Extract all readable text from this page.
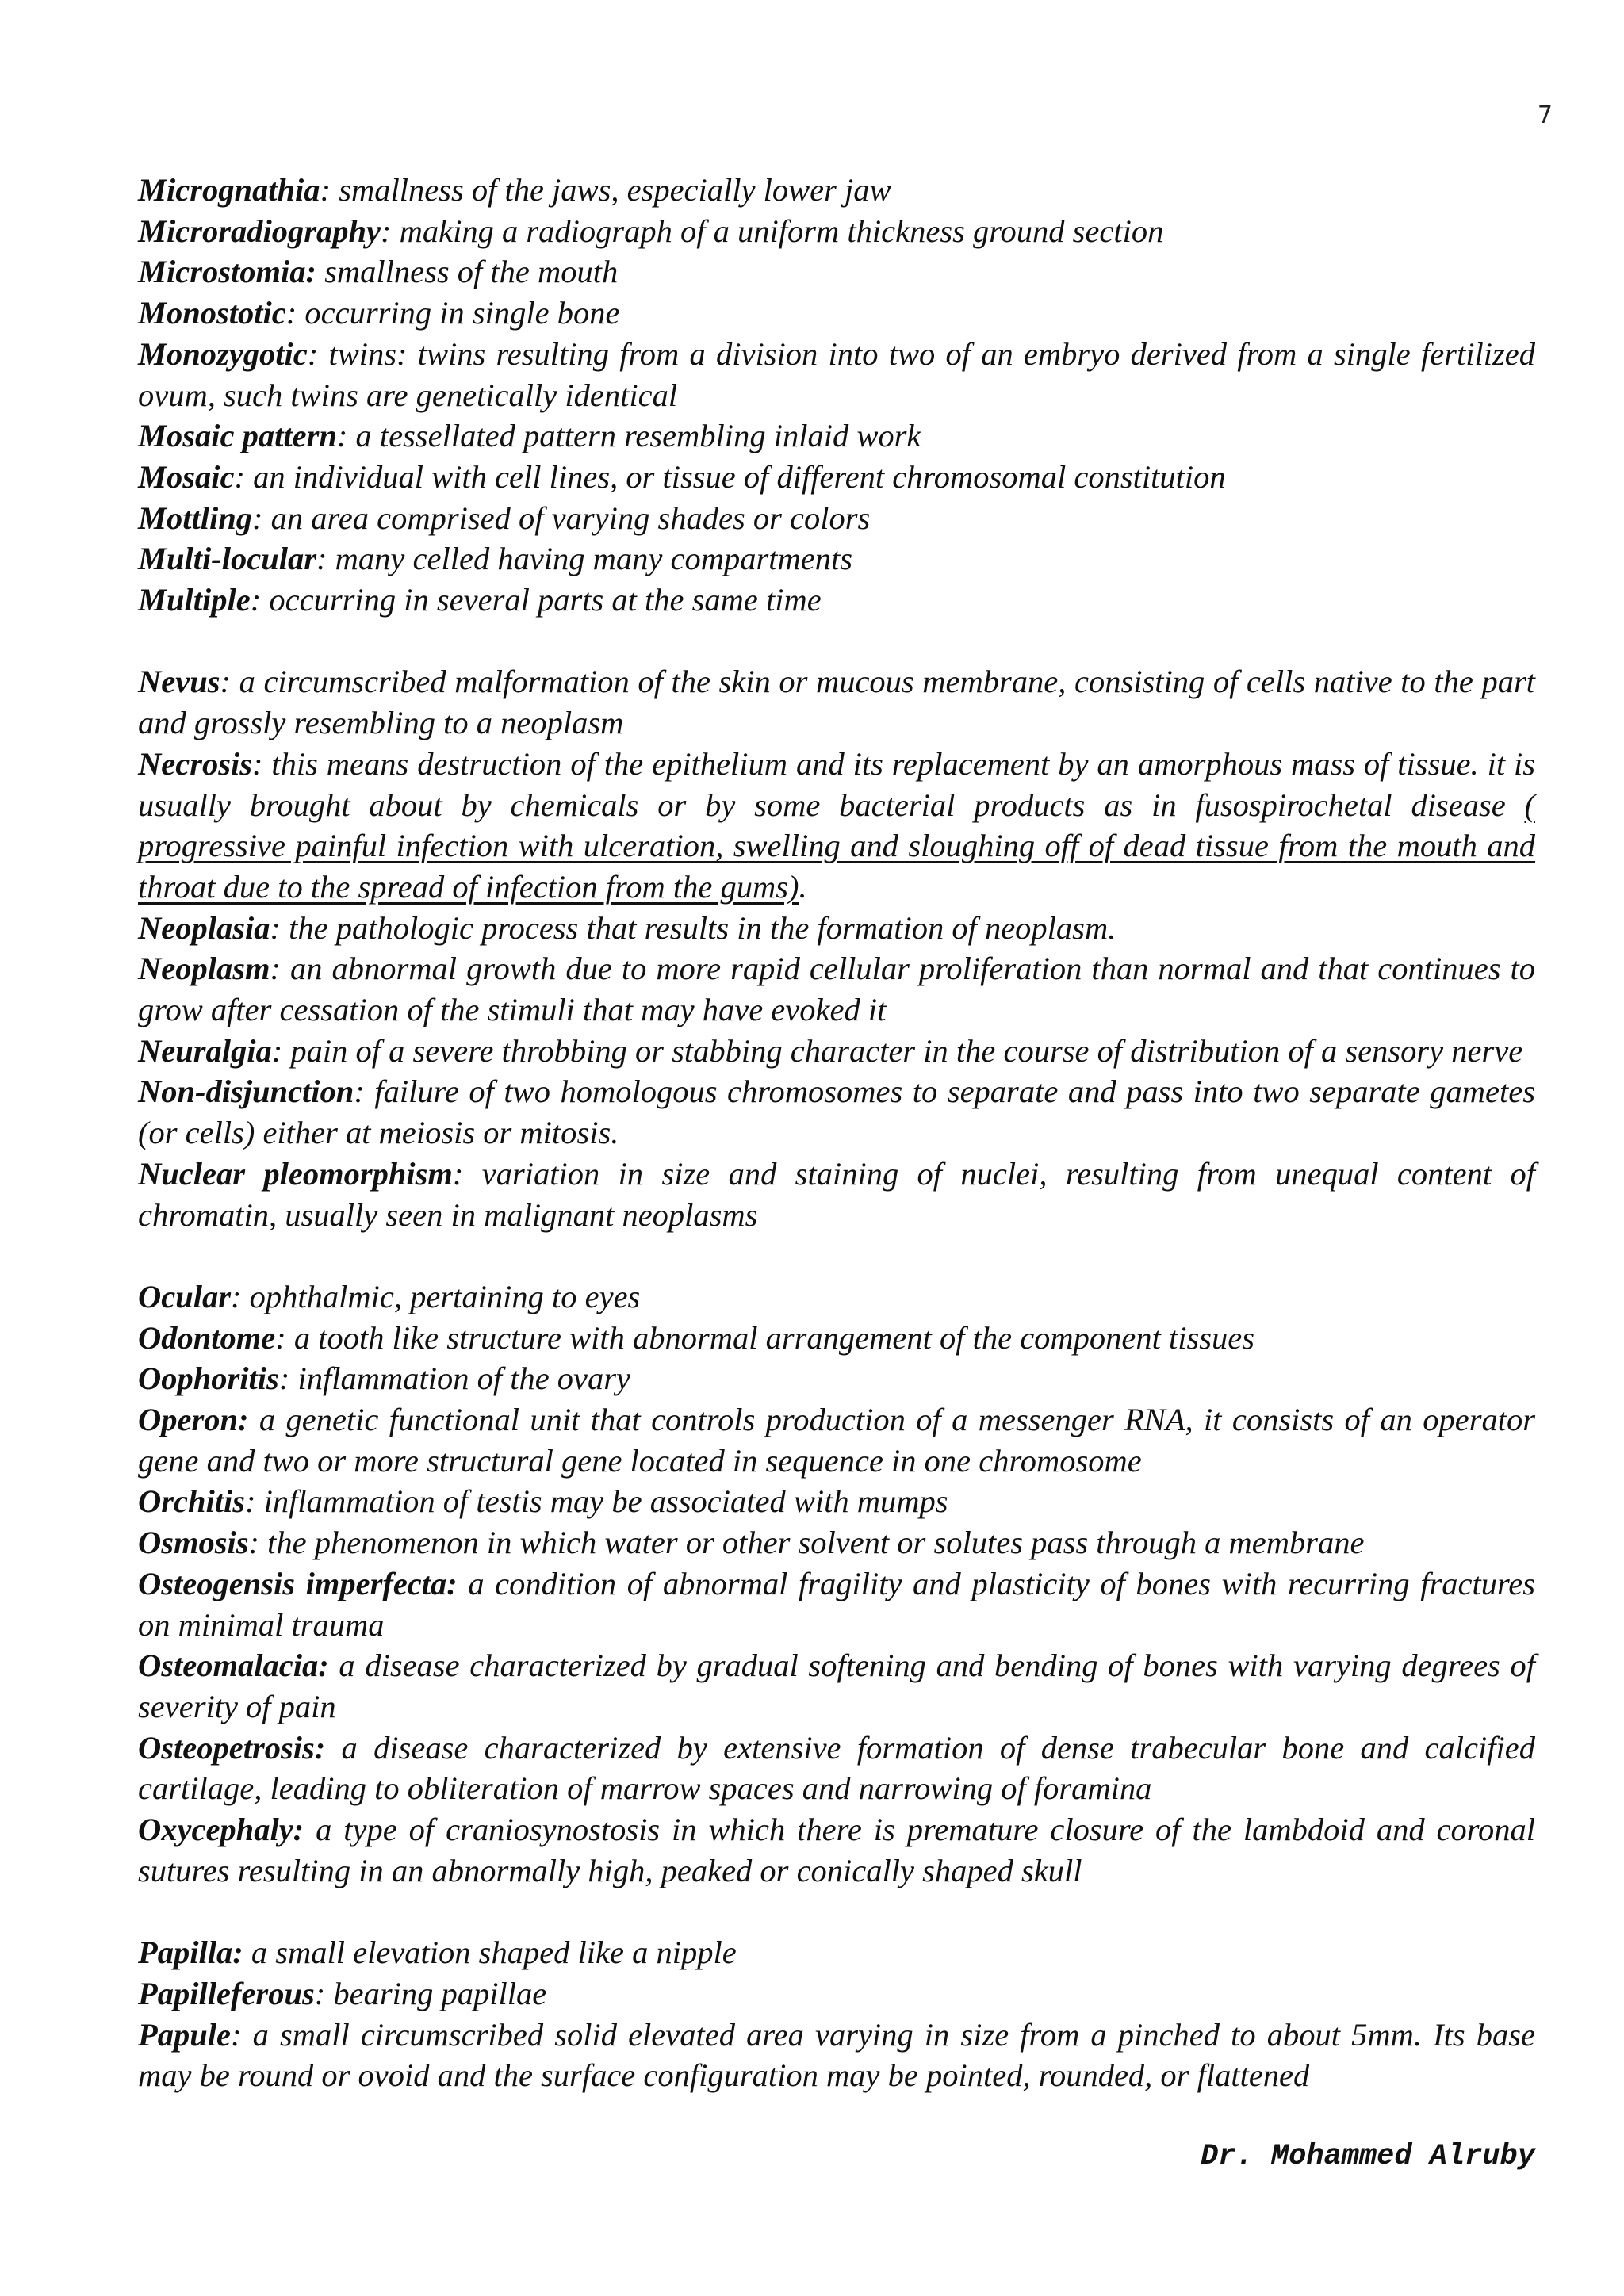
7

Micrognathia: smallness of the jaws, especially lower jaw

Microradiography: making a radiograph of a uniform thickness ground section

Microstomia: smallness of the mouth

Monostotic: occurring in single bone

Monozygotic: twins: twins resulting from a division into two of an embryo derived from a single fertilized ovum, such twins are genetically identical

Mosaic pattern: a tessellated pattern resembling inlaid work

Mosaic: an individual with cell lines, or tissue of different chromosomal constitution

Mottling: an area comprised of varying shades or colors

Multi-locular: many celled having many compartments

Multiple: occurring in several parts at the same time

Nevus: a circumscribed malformation of the skin or mucous membrane, consisting of cells native to the part and grossly resembling to a neoplasm

Necrosis: this means destruction of the epithelium and its replacement by an amorphous mass of tissue. it is usually brought about by chemicals or by some bacterial products as in fusospirochetal disease ( progressive painful infection with ulceration, swelling and sloughing off of dead tissue from the mouth and throat due to the spread of infection from the gums).

Neoplasia: the pathologic process that results in the formation of neoplasm.

Neoplasm: an abnormal growth due to more rapid cellular proliferation than normal and that continues to grow after cessation of the stimuli that may have evoked it

Neuralgia: pain of a severe throbbing or stabbing character in the course of distribution of a sensory nerve

Non-disjunction: failure of two homologous chromosomes to separate and pass into two separate gametes (or cells) either at meiosis or mitosis.

Nuclear pleomorphism: variation in size and staining of nuclei, resulting from unequal content of chromatin, usually seen in malignant neoplasms

Ocular: ophthalmic, pertaining to eyes

Odontome: a tooth like structure with abnormal arrangement of the component tissues

Oophoritis: inflammation of the ovary

Operon: a genetic functional unit that controls production of a messenger RNA, it consists of an operator gene and two or more structural gene located in sequence in one chromosome

Orchitis: inflammation of testis may be associated with mumps

Osmosis: the phenomenon in which water or other solvent or solutes pass through a membrane

Osteogensis imperfecta: a condition of abnormal fragility and plasticity of bones with recurring fractures on minimal trauma

Osteomalacia: a disease characterized by gradual softening and bending of bones with varying degrees of severity of pain

Osteopetrosis: a disease characterized by extensive formation of dense trabecular bone and calcified cartilage, leading to obliteration of marrow spaces and narrowing of foramina

Oxycephaly: a type of craniosynostosis in which there is premature closure of the lambdoid and coronal sutures resulting in an abnormally high, peaked or conically shaped skull

Papilla: a small elevation shaped like a nipple

Papilleferous: bearing papillae

Papule: a small circumscribed solid elevated area varying in size from a pinched to about 5mm. Its base may be round or ovoid and the surface configuration may be pointed, rounded, or flattened

Dr. Mohammed Alruby
